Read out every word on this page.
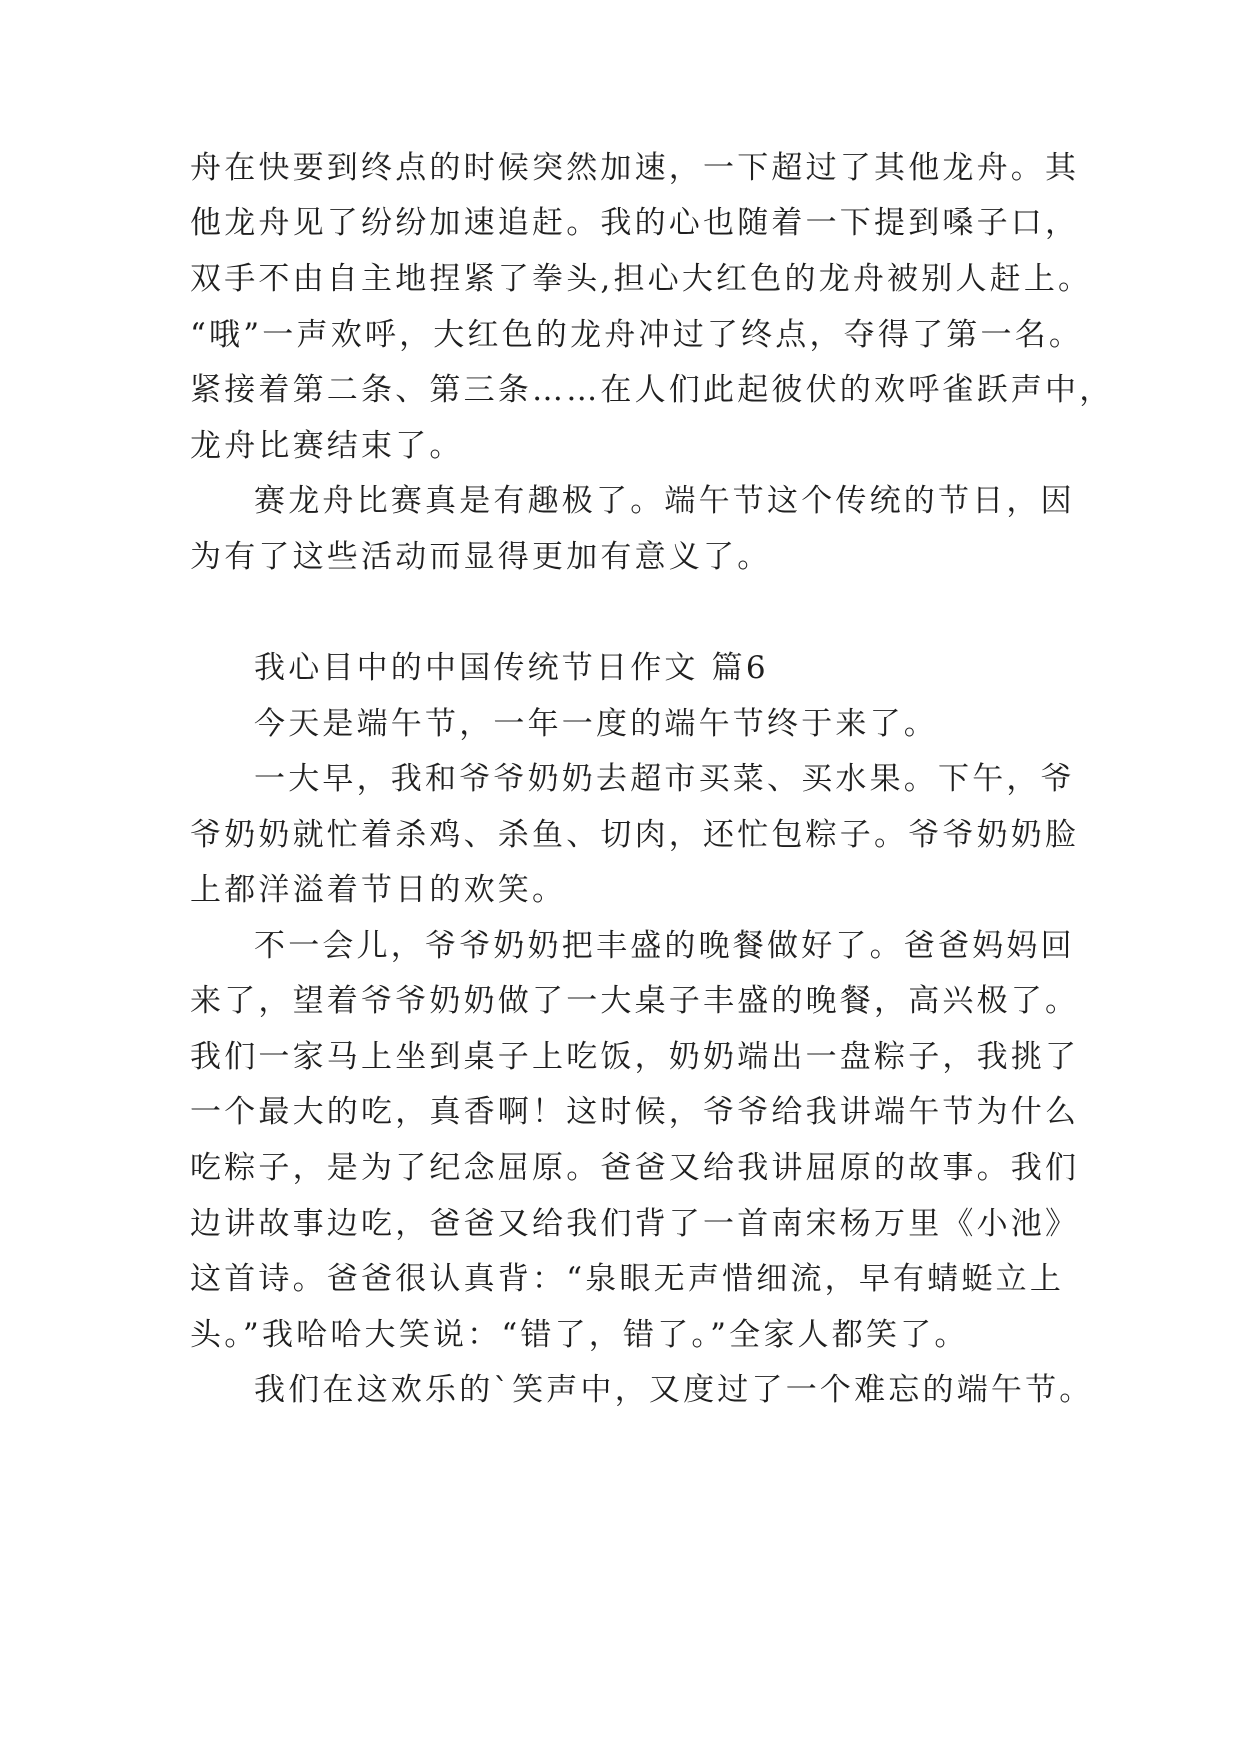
舟在快要到终点的时候突然加速，一下超过了其他龙舟。其
他龙舟见了纷纷加速追赶。我的心也随着一下提到嗓子口，
双手不由自主地捏紧了拳头,担心大红色的龙舟被别人赶上。
“哦”一声欢呼，大红色的龙舟冲过了终点，夺得了第一名。
紧接着第二条、第三条……在人们此起彼伏的欢呼雀跃声中，
龙舟比赛结束了。
赛龙舟比赛真是有趣极了。端午节这个传统的节日，因
为有了这些活动而显得更加有意义了。
我心目中的中国传统节日作文 篇6
今天是端午节，一年一度的端午节终于来了。
一大早，我和爷爷奶奶去超市买菜、买水果。下午，爷
爷奶奶就忙着杀鸡、杀鱼、切肉，还忙包粽子。爷爷奶奶脸
上都洋溢着节日的欢笑。
不一会儿，爷爷奶奶把丰盛的晚餐做好了。爸爸妈妈回
来了，望着爷爷奶奶做了一大桌子丰盛的晚餐，高兴极了。
我们一家马上坐到桌子上吃饭，奶奶端出一盘粽子，我挑了
一个最大的吃，真香啊！这时候，爷爷给我讲端午节为什么
吃粽子，是为了纪念屈原。爸爸又给我讲屈原的故事。我们
边讲故事边吃，爸爸又给我们背了一首南宋杨万里《小池》
这首诗。爸爸很认真背：“泉眼无声惜细流，早有蜻蜓立上
头。”我哈哈大笑说：“错了，错了。”全家人都笑了。
我们在这欢乐的`笑声中，又度过了一个难忘的端午节。
